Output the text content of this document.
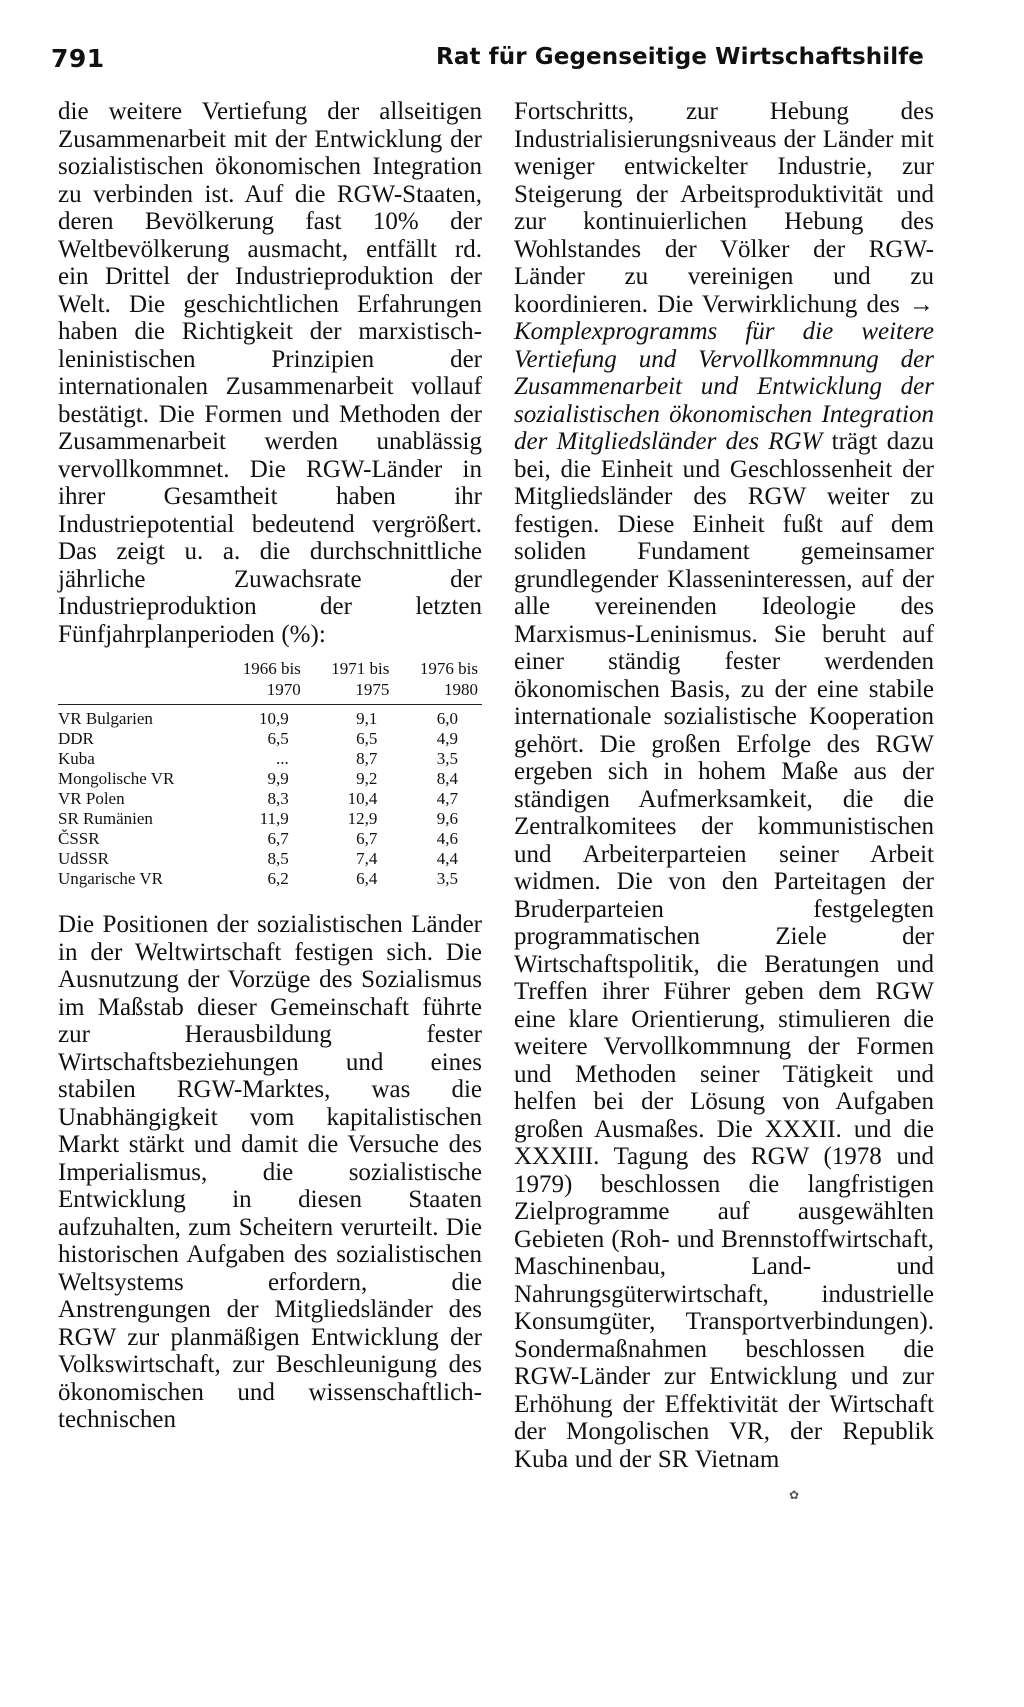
791	Rat für Gegenseitige Wirtschaftshilfe

die weitere Vertiefung der allseitigen Zusammenarbeit mit der Entwicklung der sozialistischen ökonomischen Integration zu verbinden ist. Auf die RGW-Staaten, deren Bevölkerung fast 10% der Weltbevölkerung ausmacht, entfällt rd. ein Drittel der Industrieproduktion der Welt. Die geschichtlichen Erfahrungen haben die Richtigkeit der marxistisch-leninistischen Prinzipien der internationalen Zusammenarbeit vollauf bestätigt. Die Formen und Methoden der Zusammenarbeit werden unablässig vervollkommnet. Die RGW-Länder in ihrer Gesamtheit haben ihr Industriepotential bedeutend vergrößert. Das zeigt u. a. die durchschnittliche jährliche Zuwachsrate der Industrieproduktion der letzten Fünfjahrplanperioden (%):

	1966 bis 1970	1971 bis 1975	1976 bis 1980
VR Bulgarien	10,9	9,1	6,0
DDR	6,5	6,5	4,9
Kuba	...	8,7	3,5
Mongolische VR	9,9	9,2	8,4
VR Polen	8,3	10,4	4,7
SR Rumänien	11,9	12,9	9,6
ČSSR	6,7	6,7	4,6
UdSSR	8,5	7,4	4,4
Ungarische VR	6,2	6,4	3,5

Die Positionen der sozialistischen Länder in der Weltwirtschaft festigen sich. Die Ausnutzung der Vorzüge des Sozialismus im Maßstab dieser Gemeinschaft führte zur Herausbildung fester Wirtschaftsbeziehungen und eines stabilen RGW-Marktes, was die Unabhängigkeit vom kapitalistischen Markt stärkt und damit die Versuche des Imperialismus, die sozialistische Entwicklung in diesen Staaten aufzuhalten, zum Scheitern verurteilt. Die historischen Aufgaben des sozialistischen Weltsystems erfordern, die Anstrengungen der Mitgliedsländer des RGW zur planmäßigen Entwicklung der Volkswirtschaft, zur Beschleunigung des ökonomischen und wissenschaftlich-technischen

Fortschritts, zur Hebung des Industrialisierungsniveaus der Länder mit weniger entwickelter Industrie, zur Steigerung der Arbeitsproduktivität und zur kontinuierlichen Hebung des Wohlstandes der Völker der RGW-Länder zu vereinigen und zu koordinieren. Die Verwirklichung des → Komplexprogramms für die weitere Vertiefung und Vervollkommnung der Zusammenarbeit und Entwicklung der sozialistischen ökonomischen Integration der Mitgliedsländer des RGW trägt dazu bei, die Einheit und Geschlossenheit der Mitgliedsländer des RGW weiter zu festigen. Diese Einheit fußt auf dem soliden Fundament gemeinsamer grundlegender Klasseninteressen, auf der alle vereinenden Ideologie des Marxismus-Leninismus. Sie beruht auf einer ständig fester werdenden ökonomischen Basis, zu der eine stabile internationale sozialistische Kooperation gehört. Die großen Erfolge des RGW ergeben sich in hohem Maße aus der ständigen Aufmerksamkeit, die die Zentralkomitees der kommunistischen und Arbeiterparteien seiner Arbeit widmen. Die von den Parteitagen der Bruderparteien festgelegten programmatischen Ziele der Wirtschaftspolitik, die Beratungen und Treffen ihrer Führer geben dem RGW eine klare Orientierung, stimulieren die weitere Vervollkommnung der Formen und Methoden seiner Tätigkeit und helfen bei der Lösung von Aufgaben großen Ausmaßes. Die XXXII. und die XXXIII. Tagung des RGW (1978 und 1979) beschlossen die langfristigen Zielprogramme auf ausgewählten Gebieten (Roh- und Brennstoffwirtschaft, Maschinenbau, Land- und Nahrungsgüterwirtschaft, industrielle Konsumgüter, Transportverbindungen). Sondermaßnahmen beschlossen die RGW-Länder zur Entwicklung und zur Erhöhung der Effektivität der Wirtschaft der Mongolischen VR, der Republik Kuba und der SR Vietnam

✿
